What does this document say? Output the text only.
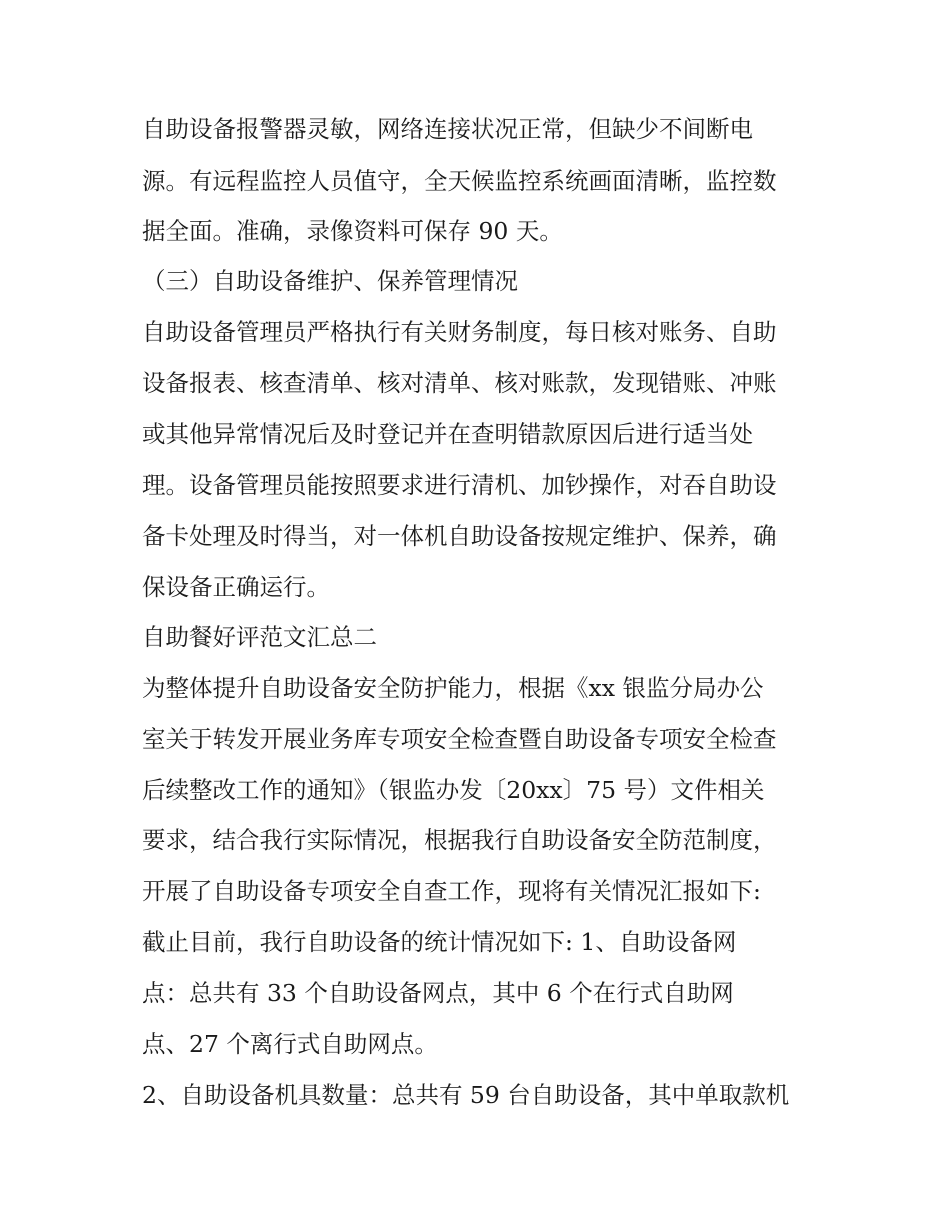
自助设备报警器灵敏，网络连接状况正常，但缺少不间断电
源。有远程监控人员值守，全天候监控系统画面清晰，监控数
据全面。准确，录像资料可保存 90 天。
（三）自助设备维护、保养管理情况
自助设备管理员严格执行有关财务制度，每日核对账务、自助
设备报表、核查清单、核对清单、核对账款，发现错账、冲账
或其他异常情况后及时登记并在查明错款原因后进行适当处
理。设备管理员能按照要求进行清机、加钞操作，对吞自助设
备卡处理及时得当，对一体机自助设备按规定维护、保养，确
保设备正确运行。
自助餐好评范文汇总二
为整体提升自助设备安全防护能力，根据《xx 银监分局办公
室关于转发开展业务库专项安全检查暨自助设备专项安全检查
后续整改工作的通知》（银监办发〔20xx〕75 号）文件相关
要求，结合我行实际情况，根据我行自助设备安全防范制度，
开展了自助设备专项安全自查工作，现将有关情况汇报如下:
截止目前，我行自助设备的统计情况如下: 1、自助设备网
点：总共有 33 个自助设备网点，其中 6 个在行式自助网
点、27 个离行式自助网点。
2、自助设备机具数量：总共有 59 台自助设备，其中单取款机
